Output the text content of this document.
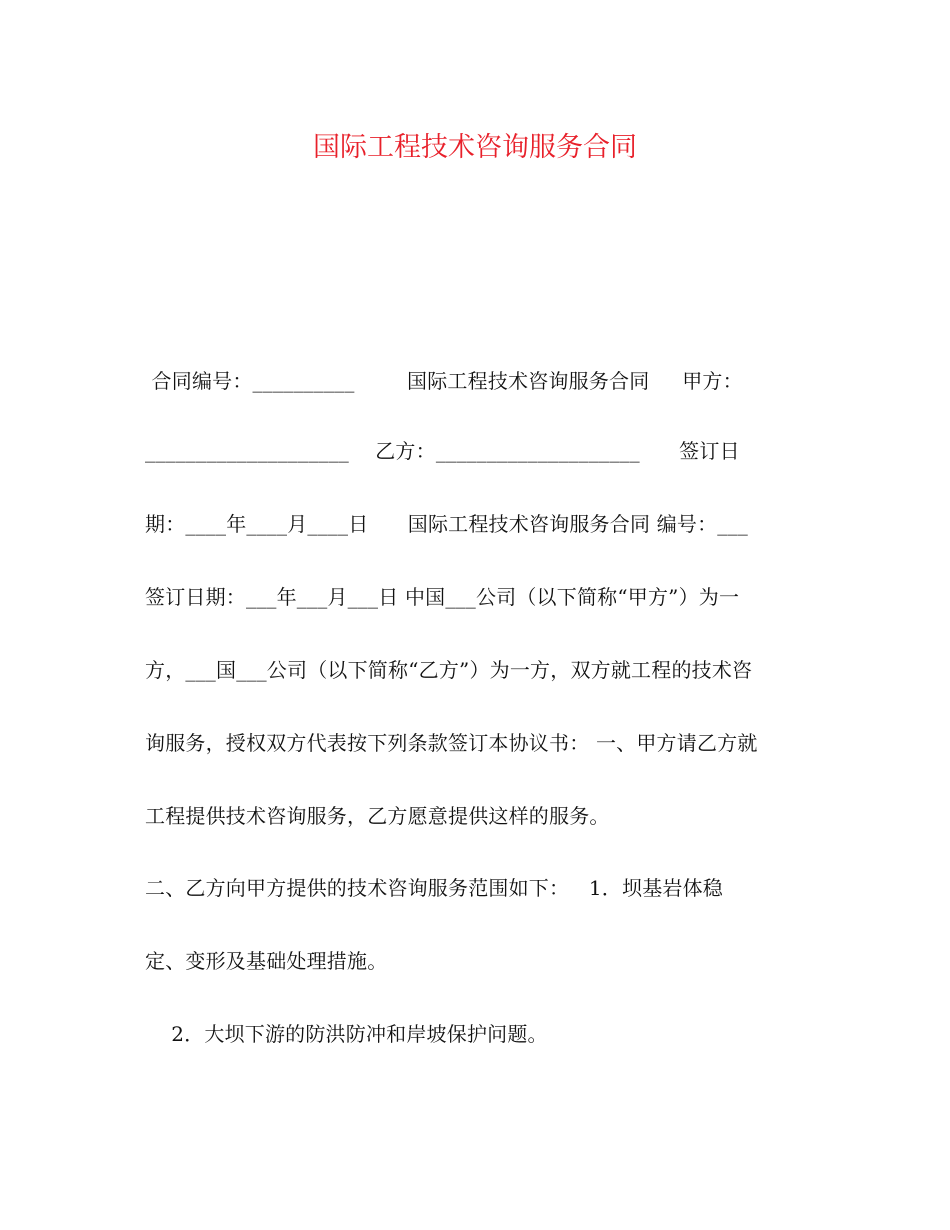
国际工程技术咨询服务合同
合同编号：__________        国际工程技术咨询服务合同     甲方：
____________________    乙方：____________________      签订日
期：____年____月____日      国际工程技术咨询服务合同 编号：___
签订日期：___年___月___日 中国___公司（以下简称“甲方”）为一
方，___国___公司（以下简称“乙方”）为一方，双方就工程的技术咨
询服务，授权双方代表按下列条款签订本协议书： 一、甲方请乙方就
工程提供技术咨询服务，乙方愿意提供这样的服务。
二、乙方向甲方提供的技术咨询服务范围如下：   1．坝基岩体稳
定、变形及基础处理措施。
2．大坝下游的防洪防冲和岸坡保护问题。
